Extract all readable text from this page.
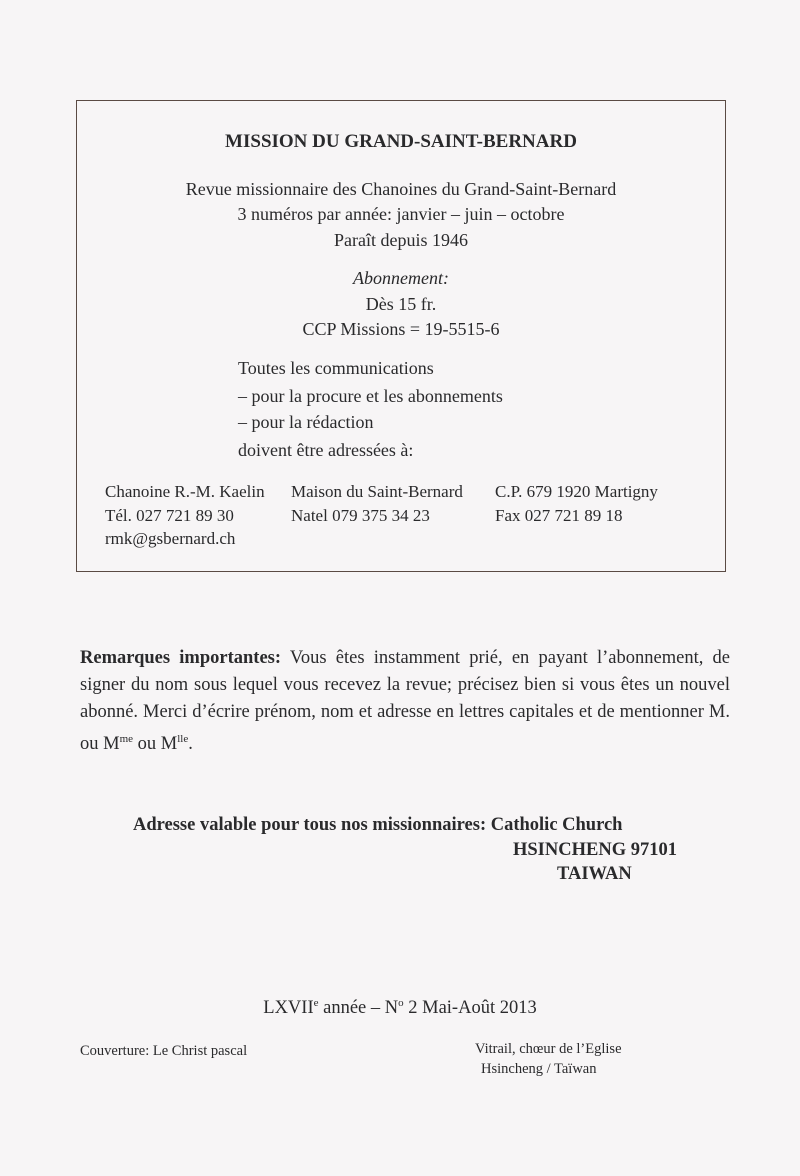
MISSION DU GRAND-SAINT-BERNARD
Revue missionnaire des Chanoines du Grand-Saint-Bernard
3 numéros par année: janvier – juin – octobre
Paraît depuis 1946
Abonnement:
Dès 15 fr.
CCP Missions = 19-5515-6
Toutes les communications
– pour la procure et les abonnements
– pour la rédaction
doivent être adressées à:
Chanoine R.-M. Kaelin
Tél. 027 721 89 30
rmk@gsbernard.ch
Maison du Saint-Bernard
Natel 079 375 34 23
C.P. 679 1920 Martigny
Fax 027 721 89 18
Remarques importantes: Vous êtes instamment prié, en payant l’abonnement, de signer du nom sous lequel vous recevez la revue; précisez bien si vous êtes un nouvel abonné. Merci d’écrire prénom, nom et adresse en lettres capitales et de mentionner M. ou $M^{me}$ ou $M^{lle}$.
Adresse valable pour tous nos missionnaires: Catholic Church
HSINCHENG 97101
TAIWAN
LXVIIe année – $N^o$ 2 Mai-Août 2013
Couverture: Le Christ pascal	Vitrail, chœur de l’Eglise
Hsincheng / Taïwan
